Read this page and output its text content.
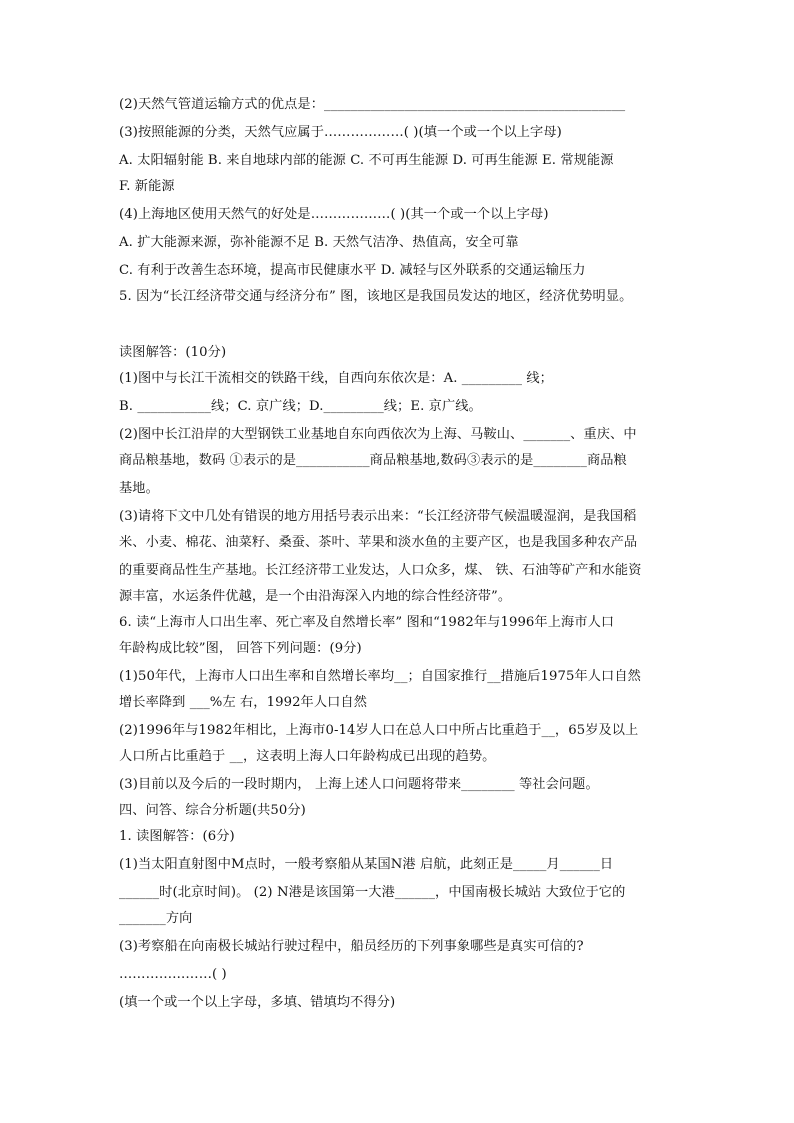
(2)天然气管道运输方式的优点是：_____________________________________________
(3)按照能源的分类，天然气应属于………………( )(填一个或一个以上字母)
A. 太阳辐射能 B. 来自地球内部的能源 C. 不可再生能源 D. 可再生能源 E. 常规能源
F. 新能源
(4)上海地区使用天然气的好处是………………( )(其一个或一个以上字母)
A. 扩大能源来源，弥补能源不足 B. 天然气洁净、热值高，安全可靠
C. 有利于改善生态环境，提高市民健康水平 D. 减轻与区外联系的交通运输压力
5. 因为“长江经济带交通与经济分布” 图，该地区是我国员发达的地区，经济优势明显。
读图解答：(10分)
(1)图中与长江干流相交的铁路干线，自西向东依次是：A. _________ 线；
B. ___________线；C. 京广线；D._________线；E. 京广线。
(2)图中长江沿岸的大型钢铁工业基地自东向西依次为上海、马鞍山、_______、重庆、中
商品粮基地，数码 ①表示的是___________商品粮基地,数码③表示的是________商品粮
基地。
(3)请将下文中几处有错误的地方用括号表示出来：“长江经济带气候温暖湿润，是我国稻
米、小麦、棉花、油菜籽、桑蚕、茶叶、苹果和淡水鱼的主要产区，也是我国多种农产品
的重要商品性生产基地。长江经济带工业发达，人口众多，煤、 铁、石油等矿产和水能资
源丰富，水运条件优越，是一个由沿海深入内地的综合性经济带”。
6. 读“上海市人口出生率、死亡率及自然增长率” 图和“1982年与1996年上海市人口
年龄构成比较”图， 回答下列问题：(9分)
(1)50年代，上海市人口出生率和自然增长率均__；自国家推行__措施后1975年人口自然
增长率降到 ___%左 右，1992年人口自然
(2)1996年与1982年相比，上海市0-14岁人口在总人口中所占比重趋于__，65岁及以上
人口所占比重趋于 __，这表明上海人口年龄构成已出现的趋势。
(3)目前以及今后的一段时期内， 上海上述人口问题将带来________ 等社会问题。
四、问答、综合分析题(共50分)
1. 读图解答：(6分)
(1)当太阳直射图中M点时，一般考察船从某国N港 启航，此刻正是_____月______日
______时(北京时间)。 (2) N港是该国第一大港______，中国南极长城站 大致位于它的
_______方向
(3)考察船在向南极长城站行驶过程中，船员经历的下列事象哪些是真实可信的?
…………………( )
(填一个或一个以上字母，多填、错填均不得分)
